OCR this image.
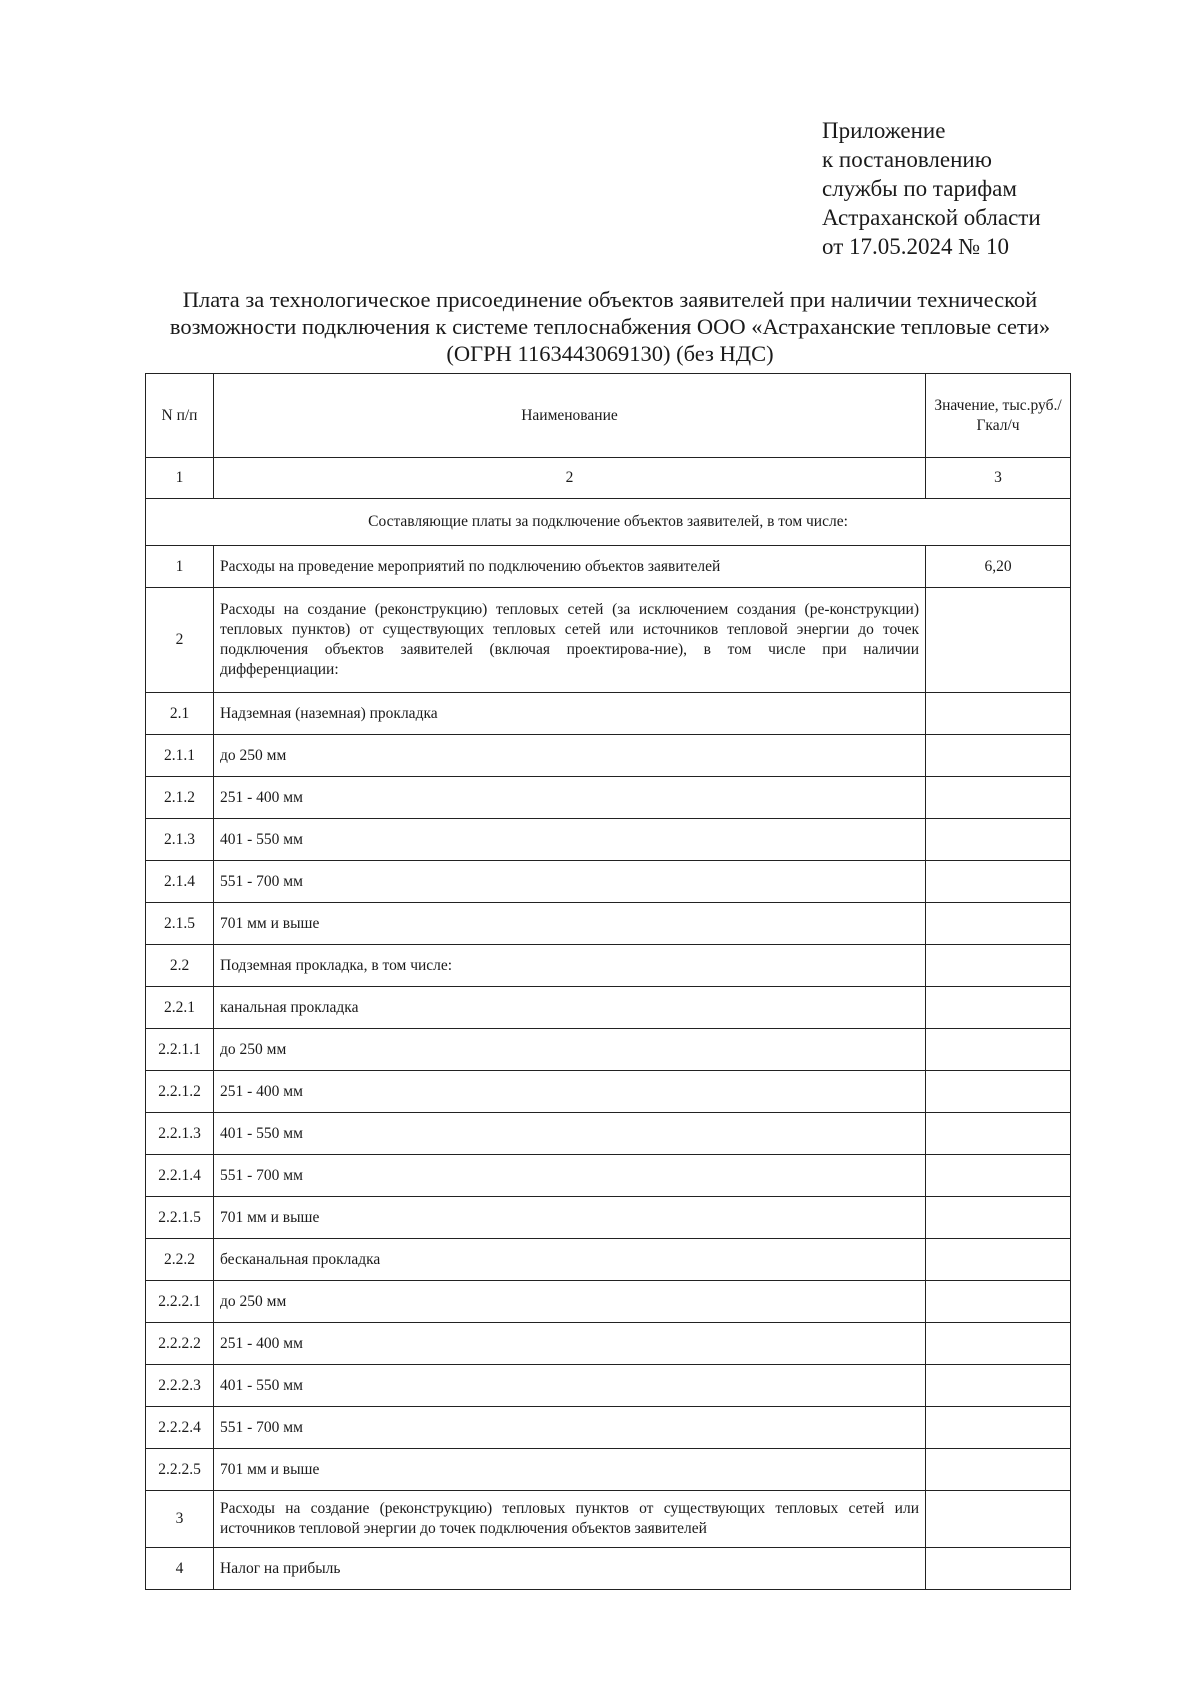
Приложение
к постановлению
службы по тарифам
Астраханской области
от 17.05.2024 № 10
Плата за технологическое присоединение объектов заявителей при наличии технической
возможности подключения к системе теплоснабжения ООО «Астраханские тепловые сети»
(ОГРН 1163443069130) (без НДС)
N п/п	Наименование	Значение, тыс.руб./Гкал/ч
1	2	3
Составляющие платы за подключение объектов заявителей, в том числе:		
1	Расходы на проведение мероприятий по подключению объектов заявителей	6,20
2	Расходы на создание (реконструкцию) тепловых сетей (за исключением создания (ре-конструкции) тепловых пунктов) от существующих тепловых сетей или источников тепловой энергии до точек подключения объектов заявителей (включая проектирова-ние), в том числе при наличии дифференциации:	
2.1	Надземная (наземная) прокладка	
2.1.1	до 250 мм	
2.1.2	251 - 400 мм	
2.1.3	401 - 550 мм	
2.1.4	551 - 700 мм	
2.1.5	701 мм и выше	
2.2	Подземная прокладка, в том числе:	
2.2.1	канальная прокладка	
2.2.1.1	до 250 мм	
2.2.1.2	251 - 400 мм	
2.2.1.3	401 - 550 мм	
2.2.1.4	551 - 700 мм	
2.2.1.5	701 мм и выше	
2.2.2	бесканальная прокладка	
2.2.2.1	до 250 мм	
2.2.2.2	251 - 400 мм	
2.2.2.3	401 - 550 мм	
2.2.2.4	551 - 700 мм	
2.2.2.5	701 мм и выше	
3	Расходы на создание (реконструкцию) тепловых пунктов от существующих тепловых сетей или источников тепловой энергии до точек подключения объектов заявителей	
4	Налог на прибыль	
